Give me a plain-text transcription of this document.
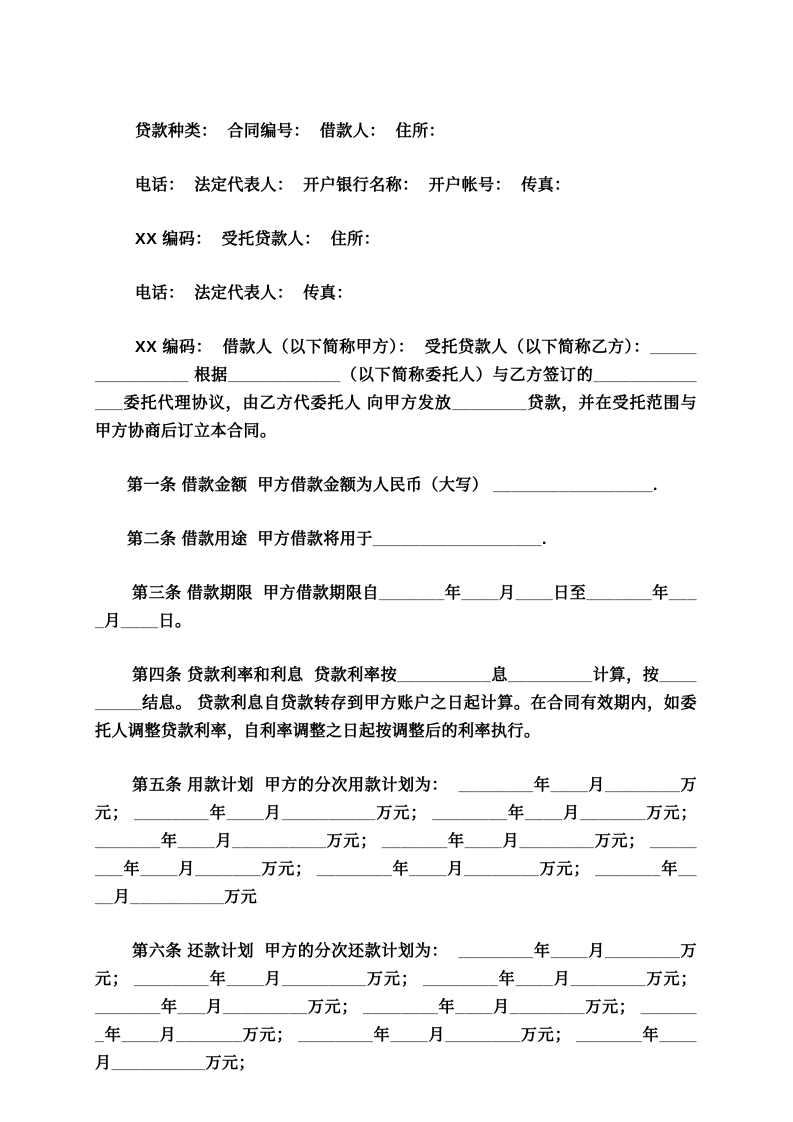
贷款种类：  合同编号：  借款人：  住所：

电话：  法定代表人：  开户银行名称：  开户帐号：  传真：

XX 编码：  受托贷款人：  住所：

电话：  法定代表人：  传真：

XX 编码：  借款人（以下简称甲方）：  受托贷款人（以下简称乙方）：_______________ 根据____________（以下简称委托人）与乙方签订的______________委托代理协议，由乙方代委托人 向甲方发放________贷款，并在受托范围与甲方协商后订立本合同。

第一条 借款金额  甲方借款金额为人民币（大写） _________________.

第二条 借款用途  甲方借款将用于__________________.

第三条 借款期限  甲方借款期限自_______年____月____日至_______年____月____日。

第四条 贷款利率和利息  贷款利率按__________息_________计算，按_________结息。 贷款利息自贷款转存到甲方账户之日起计算。在合同有效期内，如委托人调整贷款利率，自利率调整之日起按调整后的利率执行。

第五条 用款计划  甲方的分次用款计划为：  ________年____月________万元； ________年____月__________万元； ________年____月_______万元； _______年____月__________万元； _______年____月________万元； ________年____月_______万元； ________年____月________万元； _______年____月__________万元

第六条 还款计划  甲方的分次还款计划为：  ________年____月________万元； ________年____月_________万元； ________年____月________万元； _______年___月_________万元； ________年____月________万元； _______年____月_______万元； ________年____月________万元； _______年____月__________万元；
